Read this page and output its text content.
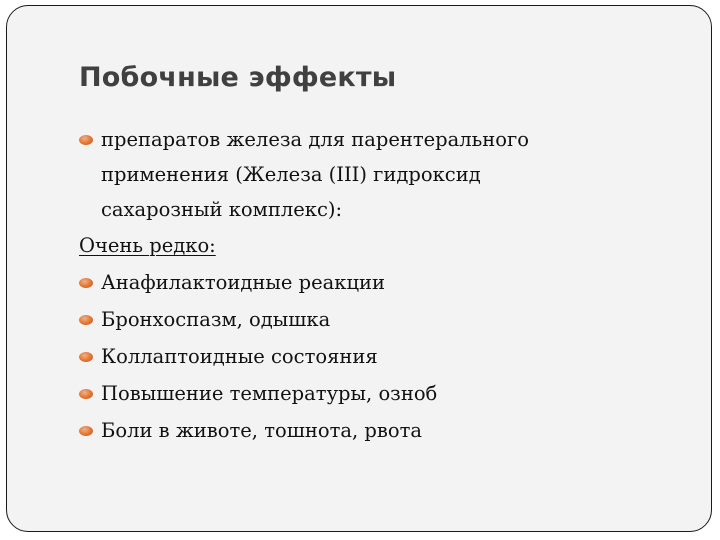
Побочные эффекты
препаратов железа для парентерального
применения (Железа (III) гидроксид
сахарозный комплекс):
Очень редко:
Анафилактоидные реакции
Бронхоспазм, одышка
Коллаптоидные состояния
Повышение температуры, озноб
Боли в животе, тошнота, рвота
